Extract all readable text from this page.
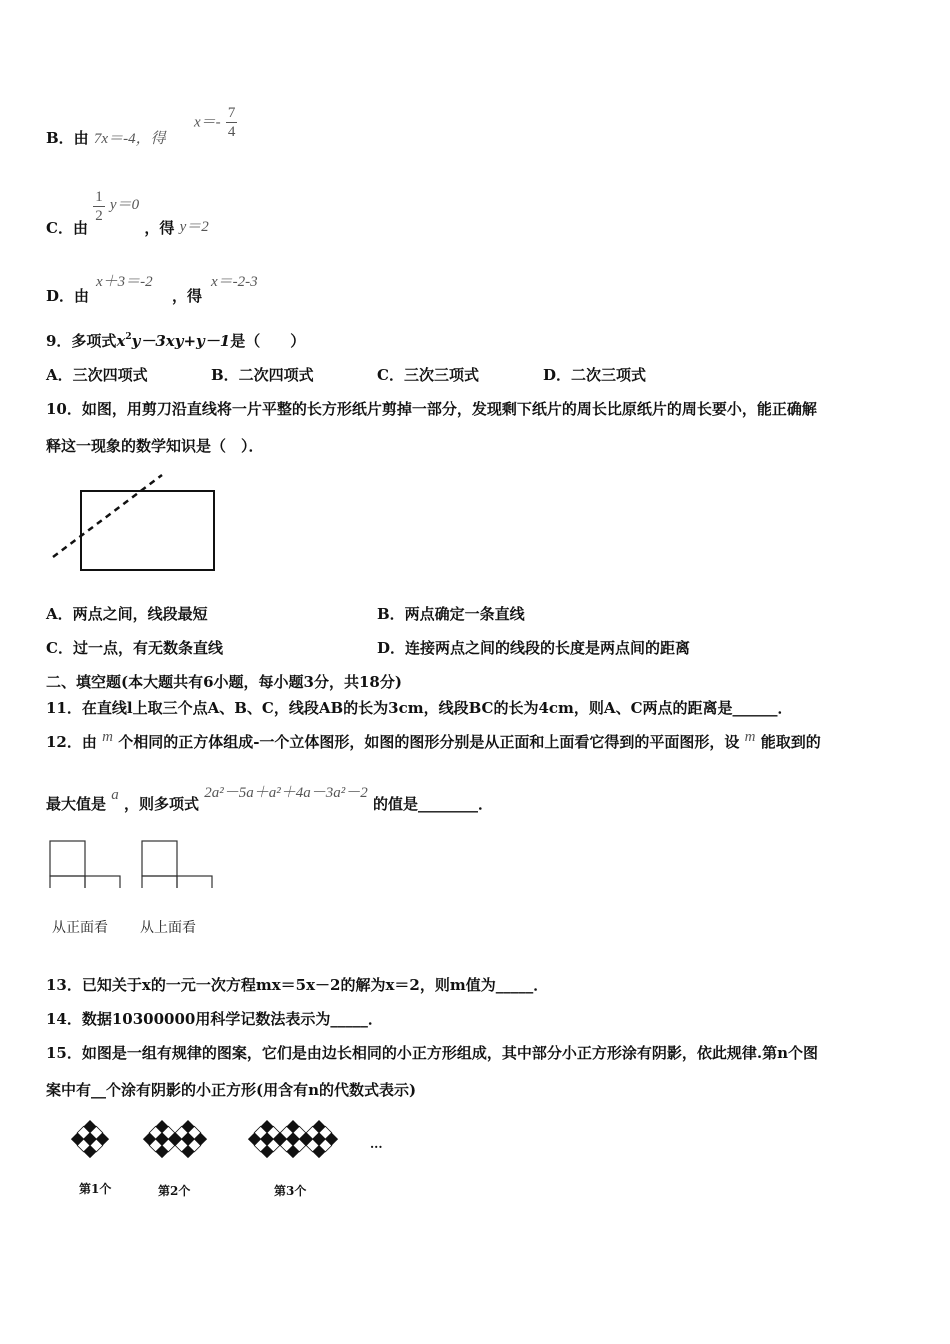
B．由 7x＝-4，得
$x=- \frac{7}{4}$
C．由
$\frac{1}{2} y=0$ ，得 y＝2
D．由
x＋3＝-2
，得
x＝-2-3
9．多项式$x^2y-3xy+y-1$是（　　）
A．三次四项式	B．二次四项式	C．三次三项式	D．二次三项式
10．如图，用剪刀沿直线将一片平整的长方形纸片剪掉一部分，发现剩下纸片的周长比原纸片的周长要小，能正确解
释这一现象的数学知识是（　）．
A．两点之间，线段最短	B．两点确定一条直线
C．过一点，有无数条直线	D．连接两点之间的线段的长度是两点间的距离
二、填空题(本大题共有6小题，每小题3分，共18分)
11．在直线l上取三个点A、B、C，线段AB的长为3cm，线段BC的长为4cm，则A、C两点的距离是______．
12．由 m 个相同的正方体组成-一个立体图形，如图的图形分别是从正面和上面看它得到的平面图形，设 m 能取到的
最大值是 a ，则多项式 2a²－5a＋a²＋4a－3a²－2 的值是________．
从正面看 从上面看
13．已知关于x的一元一次方程mx＝5x－2的解为x＝2，则m值为_____．
14．数据10300000用科学记数法表示为_____．
15．如图是一组有规律的图案，它们是由边长相同的小正方形组成，其中部分小正方形涂有阴影，依此规律.第n个图
案中有__个涂有阴影的小正方形(用含有n的代数式表示)
···
第1个	第2个	第3个
